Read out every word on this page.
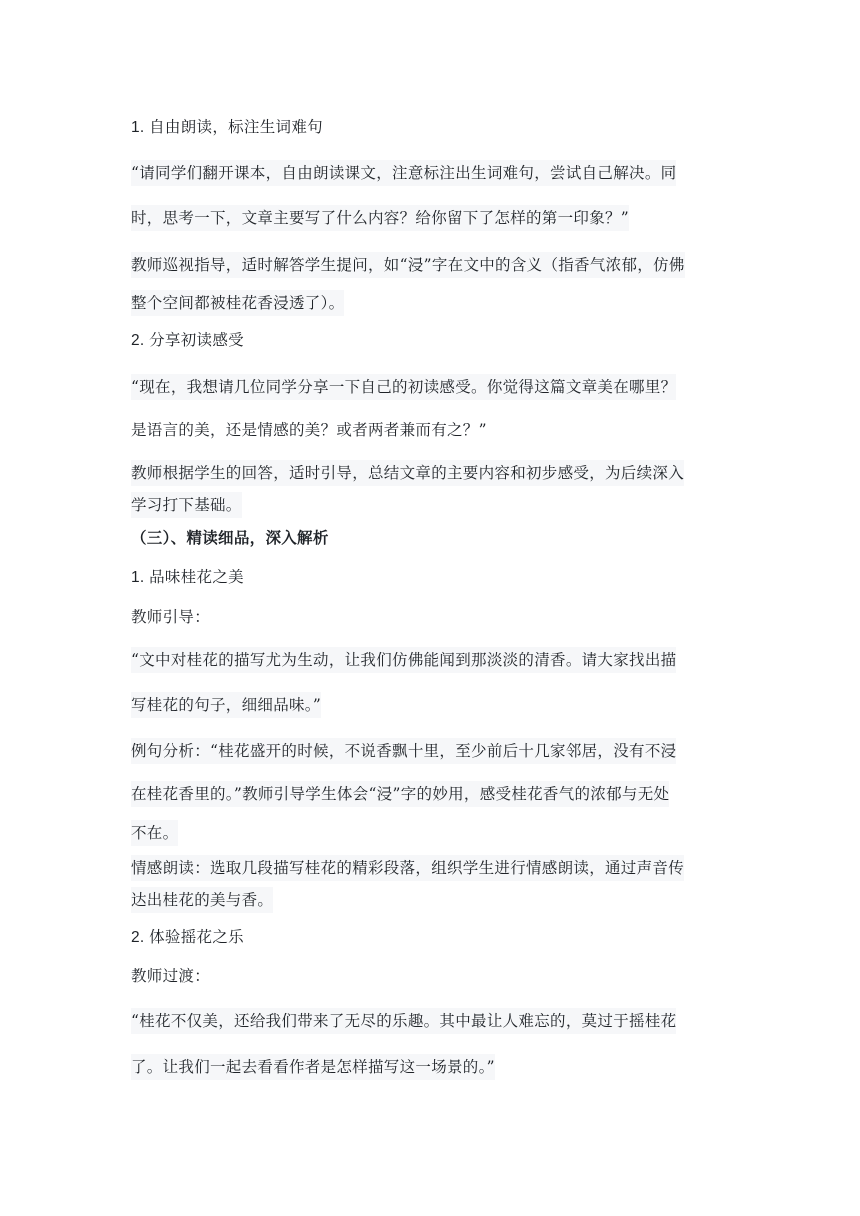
1. 自由朗读，标注生词难句
“请同学们翻开课本，自由朗读课文，注意标注出生词难句，尝试自己解决。同
时，思考一下，文章主要写了什么内容？给你留下了怎样的第一印象？”
教师巡视指导，适时解答学生提问，如“浸”字在文中的含义（指香气浓郁，仿佛
整个空间都被桂花香浸透了）。
2. 分享初读感受
“现在，我想请几位同学分享一下自己的初读感受。你觉得这篇文章美在哪里？
是语言的美，还是情感的美？或者两者兼而有之？”
教师根据学生的回答，适时引导，总结文章的主要内容和初步感受，为后续深入
学习打下基础。
（三）、精读细品，深入解析
1. 品味桂花之美
教师引导：
“文中对桂花的描写尤为生动，让我们仿佛能闻到那淡淡的清香。请大家找出描
写桂花的句子，细细品味。”
例句分析：“桂花盛开的时候，不说香飘十里，至少前后十几家邻居，没有不浸
在桂花香里的。”教师引导学生体会“浸”字的妙用，感受桂花香气的浓郁与无处
不在。
情感朗读：选取几段描写桂花的精彩段落，组织学生进行情感朗读，通过声音传
达出桂花的美与香。
2. 体验摇花之乐
教师过渡：
“桂花不仅美，还给我们带来了无尽的乐趣。其中最让人难忘的，莫过于摇桂花
了。让我们一起去看看作者是怎样描写这一场景的。”
